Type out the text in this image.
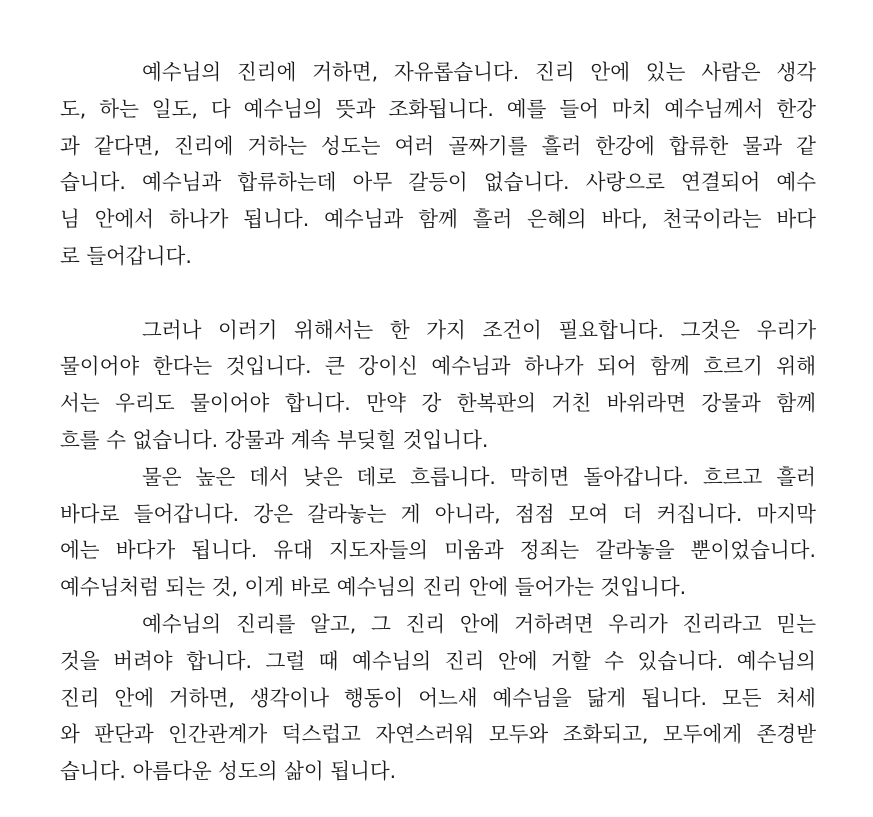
예수님의 진리에 거하면, 자유롭습니다. 진리 안에 있는 사람은 생각
도, 하는 일도, 다 예수님의 뜻과 조화됩니다. 예를 들어 마치 예수님께서 한강
과 같다면, 진리에 거하는 성도는 여러 골짜기를 흘러 한강에 합류한 물과 같
습니다. 예수님과 합류하는데 아무 갈등이 없습니다. 사랑으로 연결되어 예수
님 안에서 하나가 됩니다. 예수님과 함께 흘러 은혜의 바다, 천국이라는 바다
로 들어갑니다.
그러나 이러기 위해서는 한 가지 조건이 필요합니다. 그것은 우리가
물이어야 한다는 것입니다. 큰 강이신 예수님과 하나가 되어 함께 흐르기 위해
서는 우리도 물이어야 합니다. 만약 강 한복판의 거친 바위라면 강물과 함께
흐를 수 없습니다. 강물과 계속 부딪힐 것입니다.
물은 높은 데서 낮은 데로 흐릅니다. 막히면 돌아갑니다. 흐르고 흘러
바다로 들어갑니다. 강은 갈라놓는 게 아니라, 점점 모여 더 커집니다. 마지막
에는 바다가 됩니다. 유대 지도자들의 미움과 정죄는 갈라놓을 뿐이었습니다.
예수님처럼 되는 것, 이게 바로 예수님의 진리 안에 들어가는 것입니다.
예수님의 진리를 알고, 그 진리 안에 거하려면 우리가 진리라고 믿는
것을 버려야 합니다. 그럴 때 예수님의 진리 안에 거할 수 있습니다. 예수님의
진리 안에 거하면, 생각이나 행동이 어느새 예수님을 닮게 됩니다. 모든 처세
와 판단과 인간관계가 덕스럽고 자연스러워 모두와 조화되고, 모두에게 존경받
습니다. 아름다운 성도의 삶이 됩니다.
